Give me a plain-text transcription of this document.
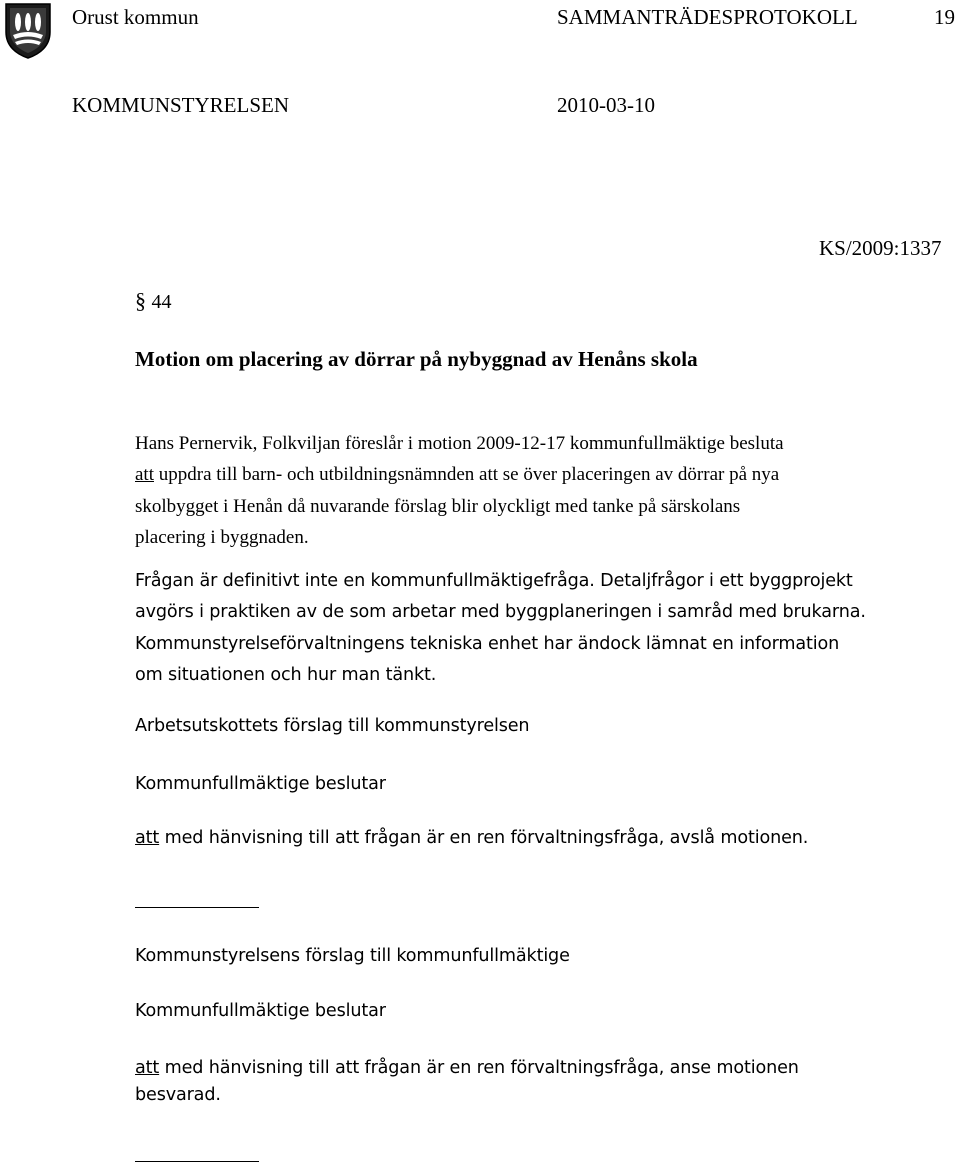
Orust kommun	SAMMANTRÄDESPROTOKOLL	19
KOMMUNSTYRELSEN	2010-03-10
KS/2009:1337
§ 44
Motion om placering av dörrar på nybyggnad av Henåns skola
Hans Pernervik, Folkviljan föreslår i motion 2009-12-17 kommunfullmäktige besluta
att uppdra till barn- och utbildningsnämnden att se över placeringen av dörrar på nya
skolbygget i Henån då nuvarande förslag blir olyckligt med tanke på särskolans
placering i byggnaden.
Frågan är definitivt inte en kommunfullmäktigefråga. Detaljfrågor i ett byggprojekt
avgörs i praktiken av de som arbetar med byggplaneringen i samråd med brukarna.
Kommunstyrelseförvaltningens tekniska enhet har ändock lämnat en information
om situationen och hur man tänkt.
Arbetsutskottets förslag till kommunstyrelsen
Kommunfullmäktige beslutar
att med hänvisning till att frågan är en ren förvaltningsfråga, avslå motionen.
Kommunstyrelsens förslag till kommunfullmäktige
Kommunfullmäktige beslutar
att med hänvisning till att frågan är en ren förvaltningsfråga, anse motionen
besvarad.
